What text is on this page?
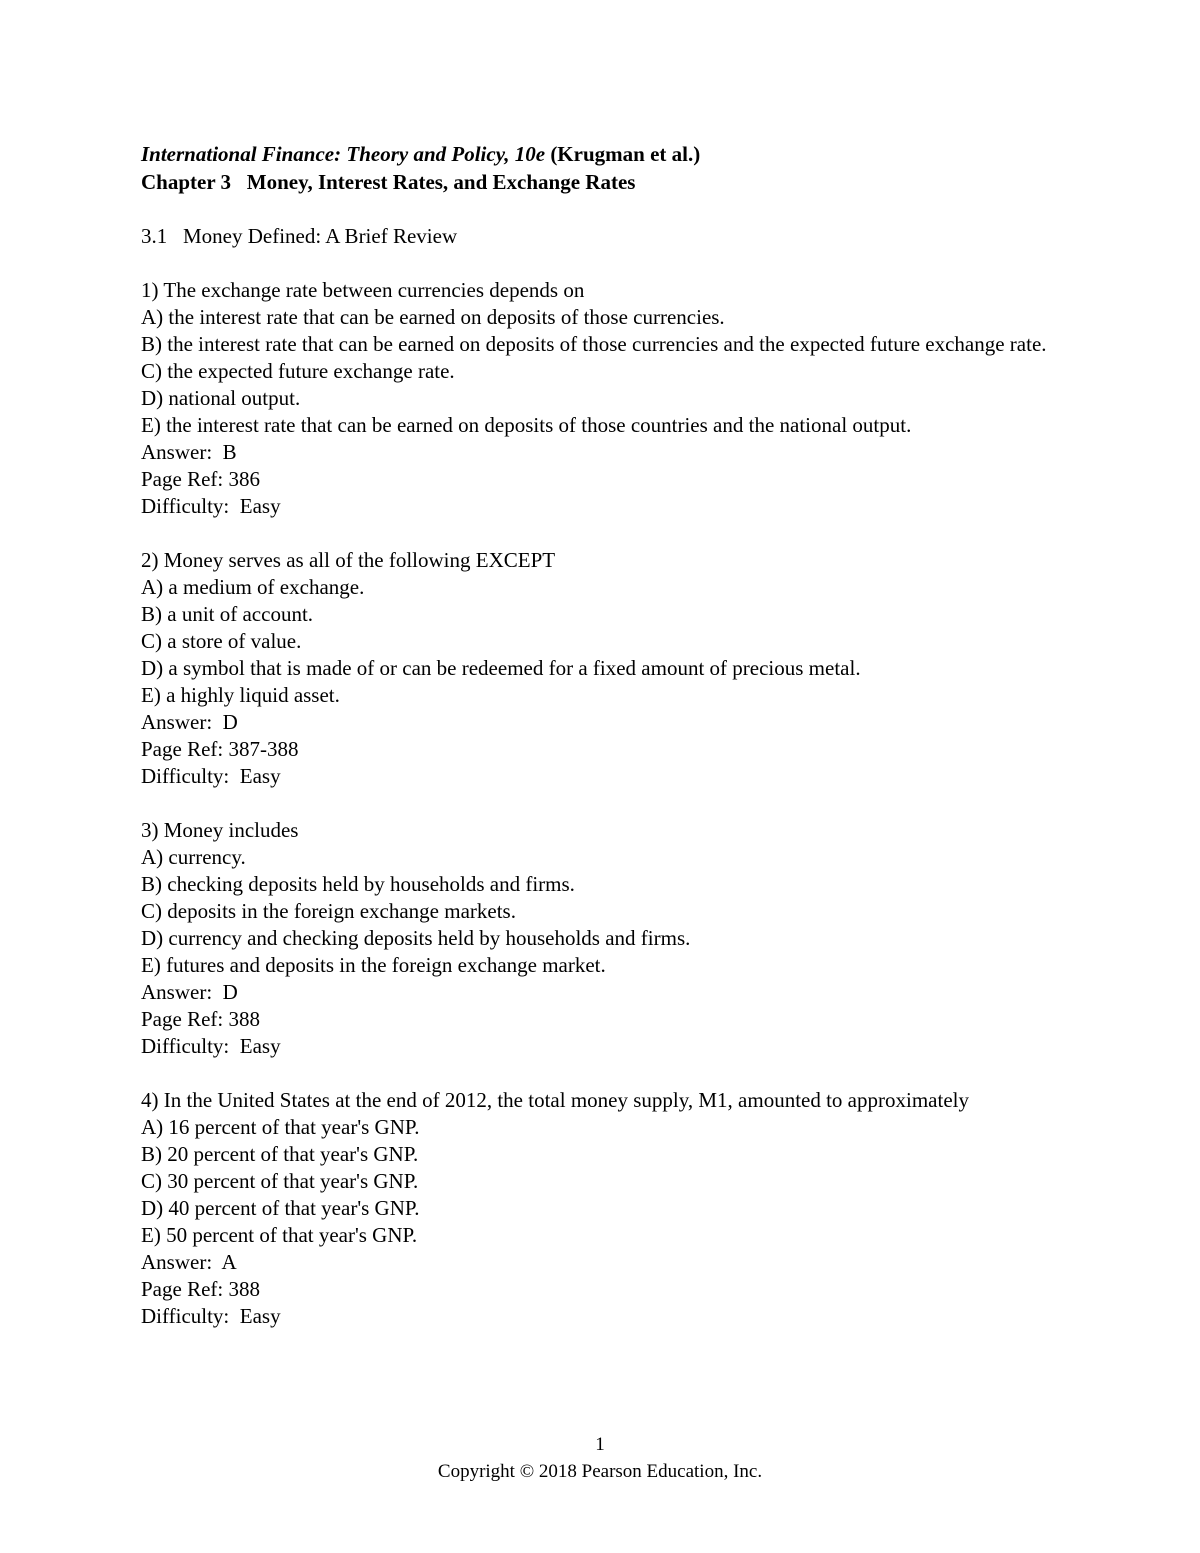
International Finance: Theory and Policy, 10e (Krugman et al.)
Chapter 3   Money, Interest Rates, and Exchange Rates
3.1   Money Defined: A Brief Review
1) The exchange rate between currencies depends on
A) the interest rate that can be earned on deposits of those currencies.
B) the interest rate that can be earned on deposits of those currencies and the expected future exchange rate.
C) the expected future exchange rate.
D) national output.
E) the interest rate that can be earned on deposits of those countries and the national output.
Answer:  B
Page Ref: 386
Difficulty:  Easy
2) Money serves as all of the following EXCEPT
A) a medium of exchange.
B) a unit of account.
C) a store of value.
D) a symbol that is made of or can be redeemed for a fixed amount of precious metal.
E) a highly liquid asset.
Answer:  D
Page Ref: 387-388
Difficulty:  Easy
3) Money includes
A) currency.
B) checking deposits held by households and firms.
C) deposits in the foreign exchange markets.
D) currency and checking deposits held by households and firms.
E) futures and deposits in the foreign exchange market.
Answer:  D
Page Ref: 388
Difficulty:  Easy
4) In the United States at the end of 2012, the total money supply, M1, amounted to approximately
A) 16 percent of that year's GNP.
B) 20 percent of that year's GNP.
C) 30 percent of that year's GNP.
D) 40 percent of that year's GNP.
E) 50 percent of that year's GNP.
Answer:  A
Page Ref: 388
Difficulty:  Easy
1
Copyright © 2018 Pearson Education, Inc.
